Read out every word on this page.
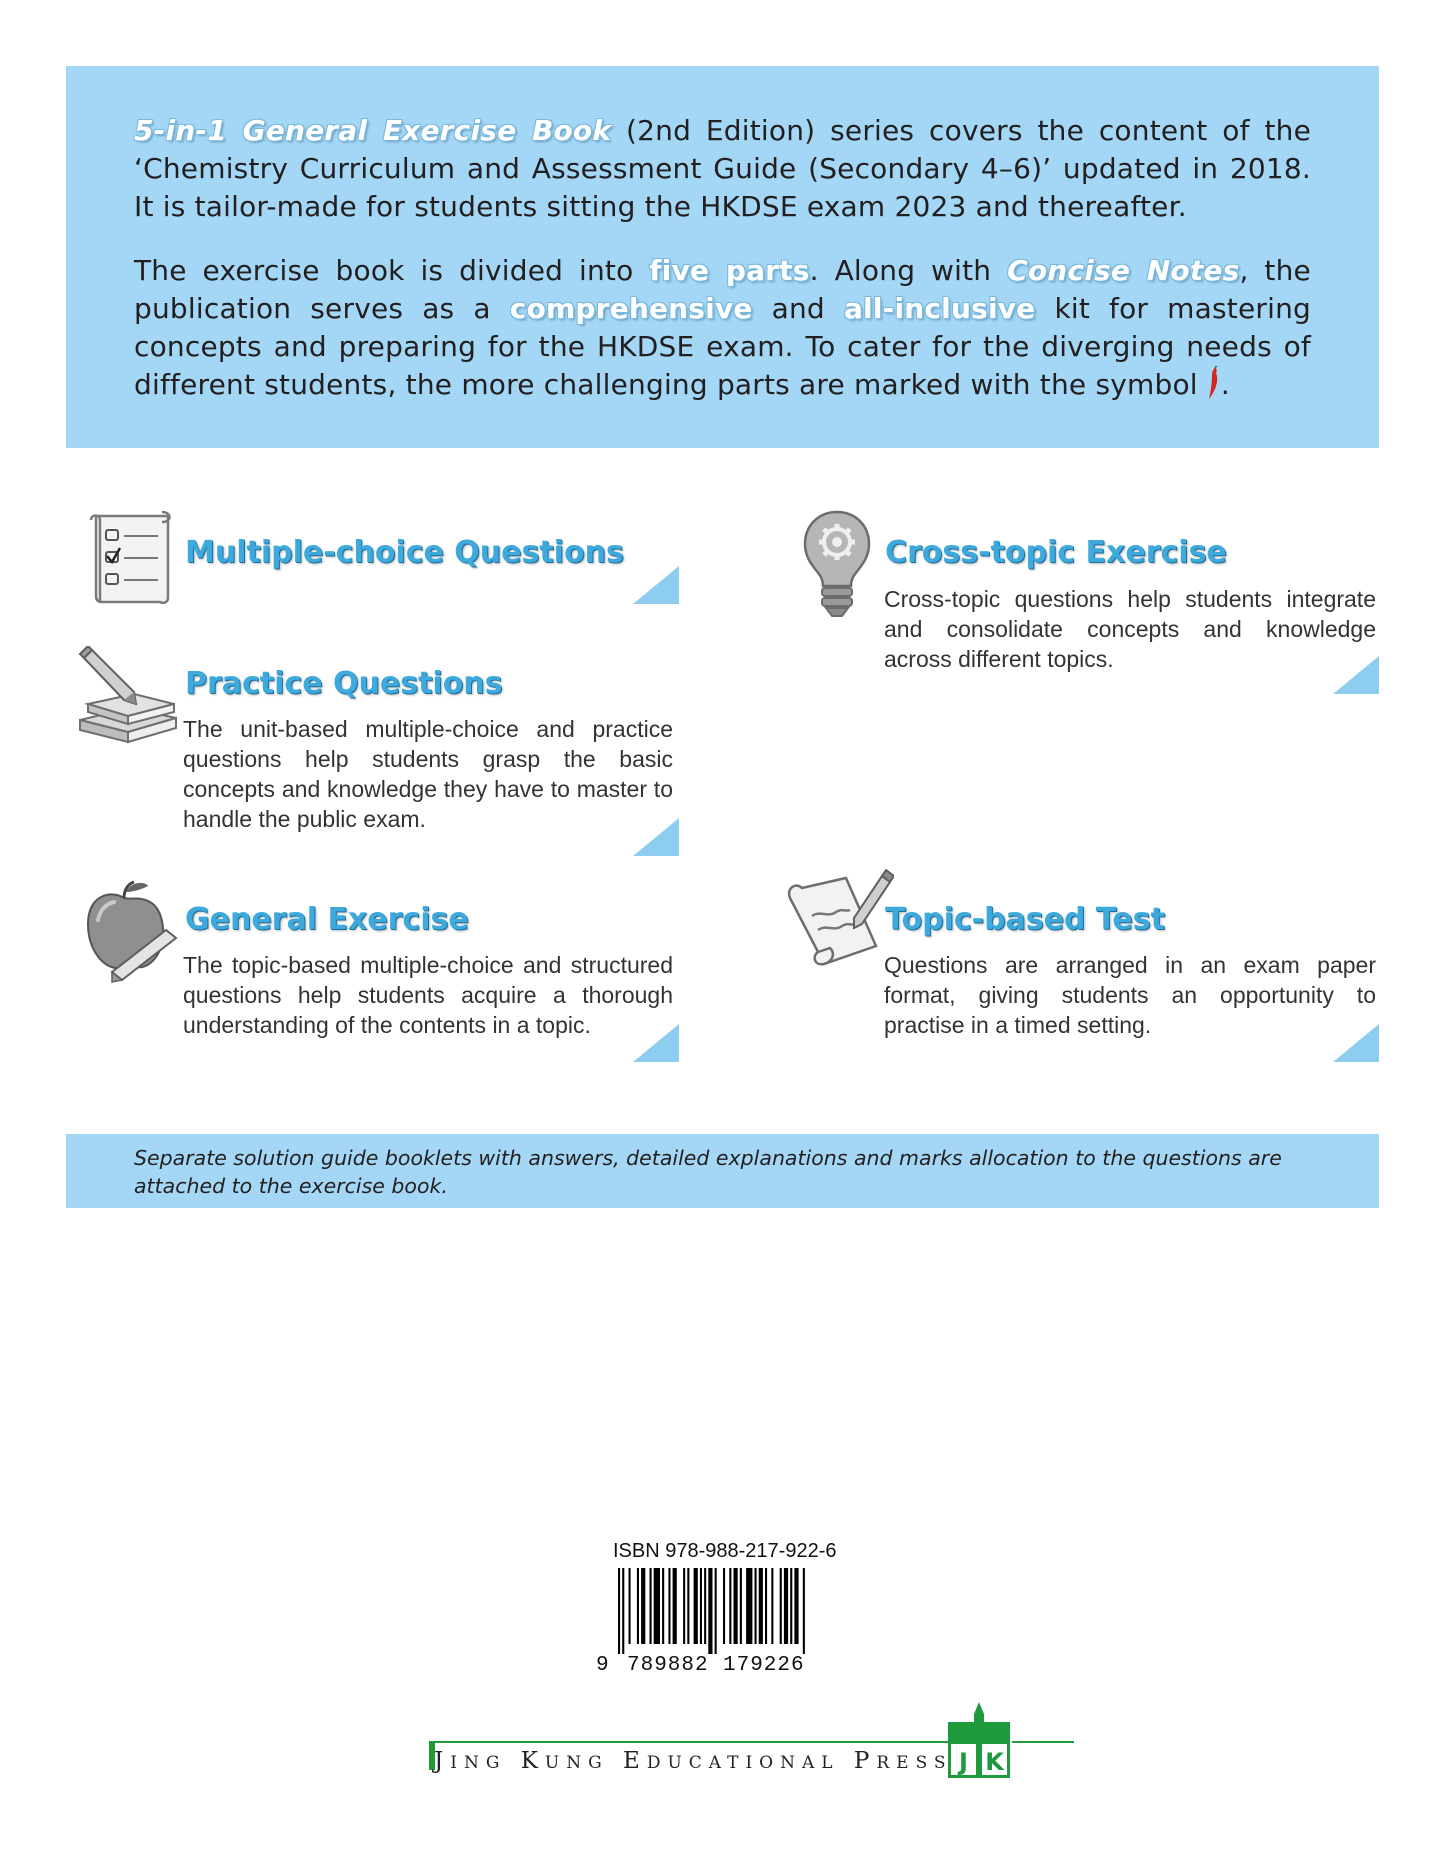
5-in-1 General Exercise Book (2nd Edition) series covers the content of the ‘Chemistry Curriculum and Assessment Guide (Secondary 4–6)’ updated in 2018. It is tailor-made for students sitting the HKDSE exam 2023 and thereafter.

The exercise book is divided into five parts. Along with Concise Notes, the publication serves as a comprehensive and all-inclusive kit for mastering concepts and preparing for the HKDSE exam. To cater for the diverging needs of different students, the more challenging parts are marked with the symbol .

Multiple-choice Questions
Practice Questions

The unit-based multiple-choice and practice questions help students grasp the basic concepts and knowledge they have to master to handle the public exam.

General Exercise

The topic-based multiple-choice and structured questions help students acquire a thorough understanding of the contents in a topic.

Cross-topic Exercise

Cross-topic questions help students integrate and consolidate concepts and knowledge across different topics.

Topic-based Test

Questions are arranged in an exam paper format, giving students an opportunity to practise in a timed setting.

Separate solution guide booklets with answers, detailed explanations and marks allocation to the questions are attached to the exercise book.
ISBN 978-988-217-922-6
9 789882 179226
J K
JING KUNG EDUCATIONAL PRESS
